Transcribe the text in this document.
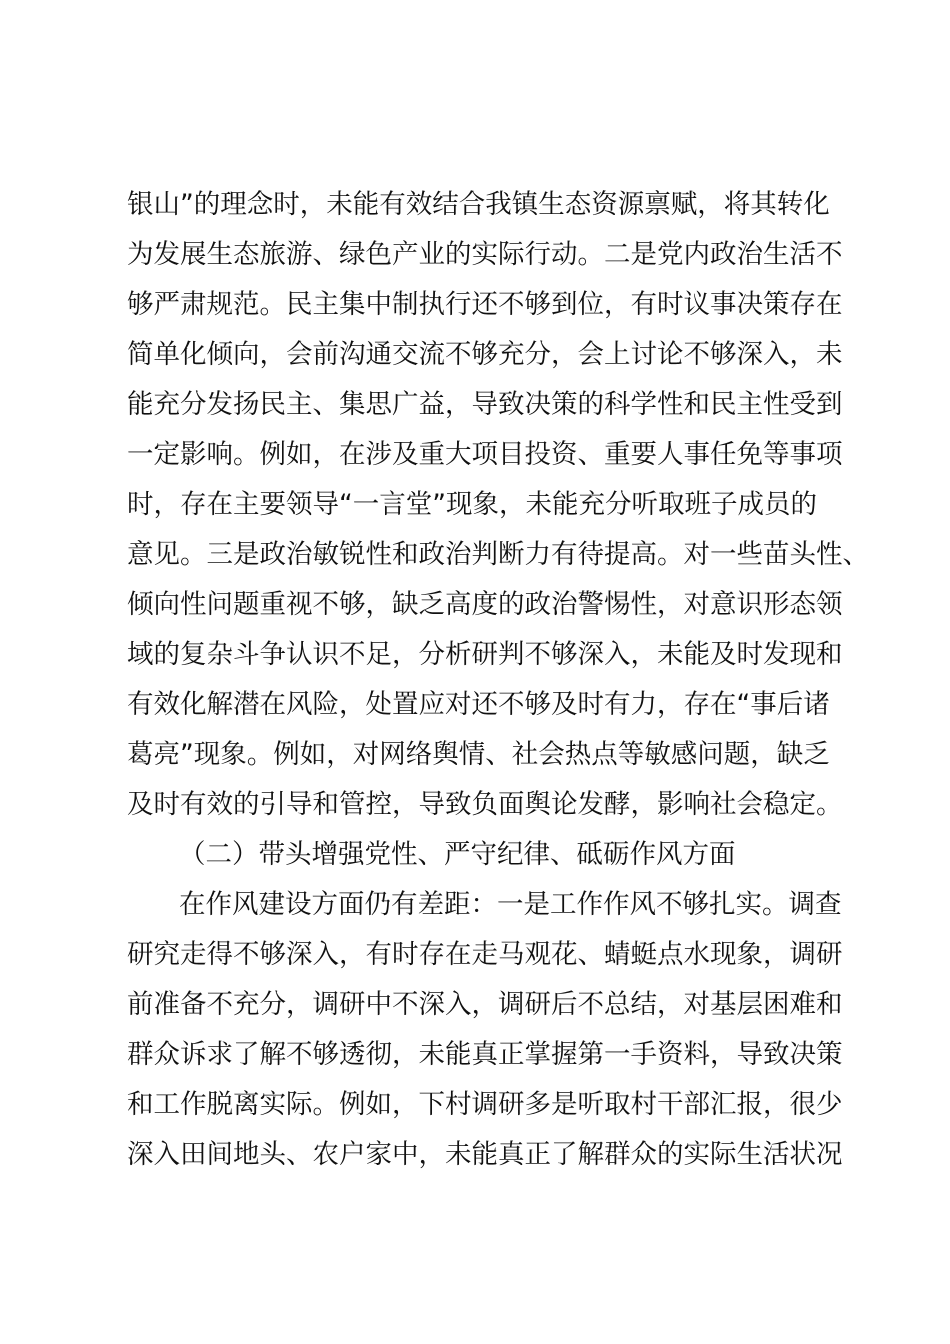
银山”的理念时，未能有效结合我镇生态资源禀赋，将其转化
为发展生态旅游、绿色产业的实际行动。二是党内政治生活不
够严肃规范。民主集中制执行还不够到位，有时议事决策存在
简单化倾向，会前沟通交流不够充分，会上讨论不够深入，未
能充分发扬民主、集思广益，导致决策的科学性和民主性受到
一定影响。例如，在涉及重大项目投资、重要人事任免等事项
时，存在主要领导“一言堂”现象，未能充分听取班子成员的
意见。三是政治敏锐性和政治判断力有待提高。对一些苗头性、
倾向性问题重视不够，缺乏高度的政治警惕性，对意识形态领
域的复杂斗争认识不足，分析研判不够深入，未能及时发现和
有效化解潜在风险，处置应对还不够及时有力，存在“事后诸
葛亮”现象。例如，对网络舆情、社会热点等敏感问题，缺乏
及时有效的引导和管控，导致负面舆论发酵，影响社会稳定。
（二）带头增强党性、严守纪律、砥砺作风方面
在作风建设方面仍有差距：一是工作作风不够扎实。调查
研究走得不够深入，有时存在走马观花、蜻蜓点水现象，调研
前准备不充分，调研中不深入，调研后不总结，对基层困难和
群众诉求了解不够透彻，未能真正掌握第一手资料，导致决策
和工作脱离实际。例如，下村调研多是听取村干部汇报，很少
深入田间地头、农户家中，未能真正了解群众的实际生活状况
